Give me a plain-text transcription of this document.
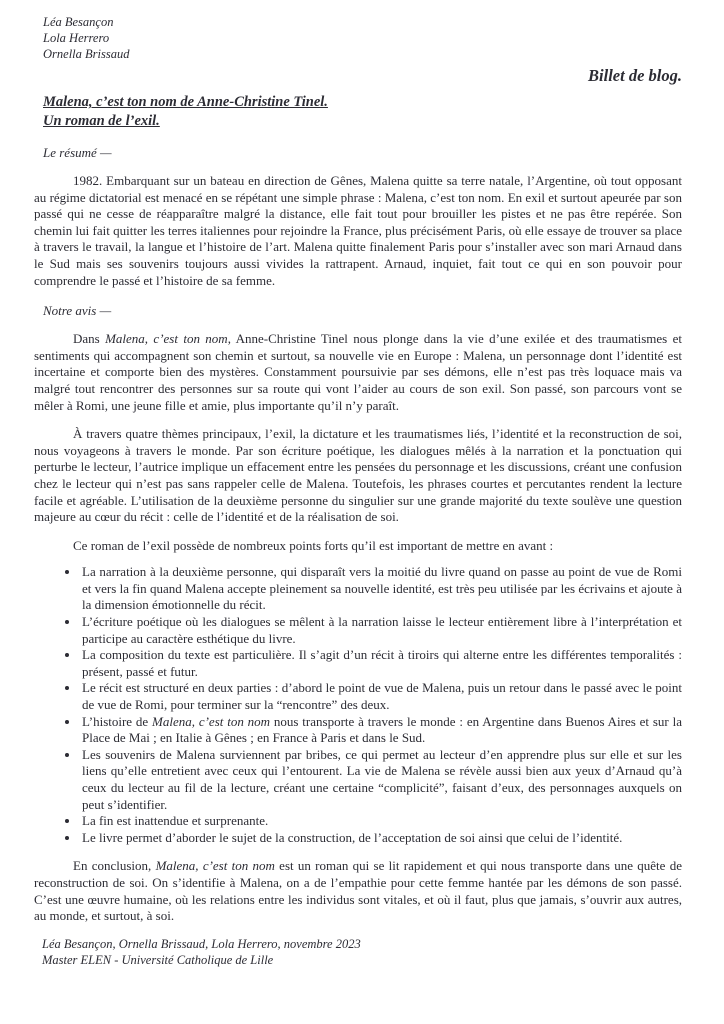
Léa Besançon
Lola Herrero
Ornella Brissaud
Billet de blog.
Malena, c’est ton nom de Anne-Christine Tinel.
Un roman de l’exil.
Le résumé —

1982. Embarquant sur un bateau en direction de Gênes, Malena quitte sa terre natale, l’Argentine, où tout opposant au régime dictatorial est menacé en se répétant une simple phrase : Malena, c’est ton nom. En exil et surtout apeurée par son passé qui ne cesse de réapparaître malgré la distance, elle fait tout pour brouiller les pistes et ne pas être repérée. Son chemin lui fait quitter les terres italiennes pour rejoindre la France, plus précisément Paris, où elle essaye de trouver sa place à travers le travail, la langue et l’histoire de l’art. Malena quitte finalement Paris pour s’installer avec son mari Arnaud dans le Sud mais ses souvenirs toujours aussi vivides la rattrapent. Arnaud, inquiet, fait tout ce qui en son pouvoir pour comprendre le passé et l’histoire de sa femme.

Notre avis —

Dans Malena, c’est ton nom, Anne-Christine Tinel nous plonge dans la vie d’une exilée et des traumatismes et sentiments qui accompagnent son chemin et surtout, sa nouvelle vie en Europe : Malena, un personnage dont l’identité est incertaine et comporte bien des mystères. Constamment poursuivie par ses démons, elle n’est pas très loquace mais va malgré tout rencontrer des personnes sur sa route qui vont l’aider au cours de son exil. Son passé, son parcours vont se mêler à Romi, une jeune fille et amie, plus importante qu’il n’y paraît.

À travers quatre thèmes principaux, l’exil, la dictature et les traumatismes liés, l’identité et la reconstruction de soi, nous voyageons à travers le monde. Par son écriture poétique, les dialogues mêlés à la narration et la ponctuation qui perturbe le lecteur, l’autrice implique un effacement entre les pensées du personnage et les discussions, créant une confusion chez le lecteur qui n’est pas sans rappeler celle de Malena. Toutefois, les phrases courtes et percutantes rendent la lecture facile et agréable. L’utilisation de la deuxième personne du singulier sur une grande majorité du texte soulève une question majeure au cœur du récit : celle de l’identité et de la réalisation de soi.

Ce roman de l’exil possède de nombreux points forts qu’il est important de mettre en avant :

• La narration à la deuxième personne, qui disparaît vers la moitié du livre quand on passe au point de vue de Romi et vers la fin quand Malena accepte pleinement sa nouvelle identité, est très peu utilisée par les écrivains et ajoute à la dimension émotionnelle du récit.
• L’écriture poétique où les dialogues se mêlent à la narration laisse le lecteur entièrement libre à l’interprétation et participe au caractère esthétique du livre.
• La composition du texte est particulière. Il s’agit d’un récit à tiroirs qui alterne entre les différentes temporalités : présent, passé et futur.
• Le récit est structuré en deux parties : d’abord le point de vue de Malena, puis un retour dans le passé avec le point de vue de Romi, pour terminer sur la “rencontre” des deux.
• L’histoire de Malena, c’est ton nom nous transporte à travers le monde : en Argentine dans Buenos Aires et sur la Place de Mai ; en Italie à Gênes ; en France à Paris et dans le Sud.
• Les souvenirs de Malena surviennent par bribes, ce qui permet au lecteur d’en apprendre plus sur elle et sur les liens qu’elle entretient avec ceux qui l’entourent. La vie de Malena se révèle aussi bien aux yeux d’Arnaud qu’à ceux du lecteur au fil de la lecture, créant une certaine “complicité”, faisant d’eux, des personnages auxquels on peut s’identifier.
• La fin est inattendue et surprenante.
• Le livre permet d’aborder le sujet de la construction, de l’acceptation de soi ainsi que celui de l’identité.

En conclusion, Malena, c’est ton nom est un roman qui se lit rapidement et qui nous transporte dans une quête de reconstruction de soi. On s’identifie à Malena, on a de l’empathie pour cette femme hantée par les démons de son passé. C’est une œuvre humaine, où les relations entre les individus sont vitales, et où il faut, plus que jamais, s’ouvrir aux autres, au monde, et surtout, à soi.

Léa Besançon, Ornella Brissaud, Lola Herrero, novembre 2023
Master ELEN - Université Catholique de Lille
